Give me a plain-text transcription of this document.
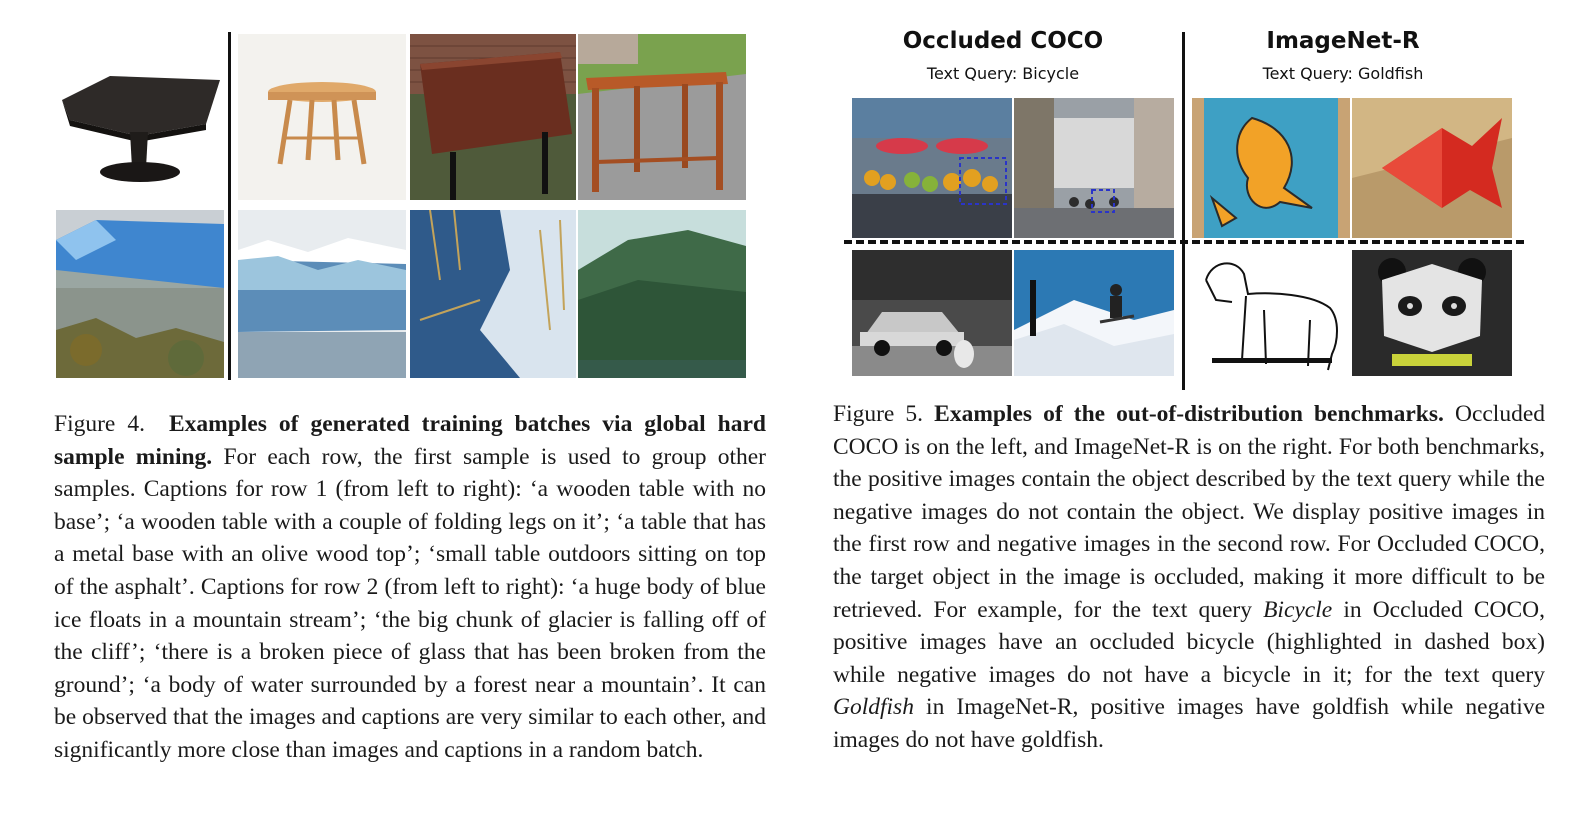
Occluded COCO
Text Query: Bicycle
ImageNet-R
Text Query: Goldfish
Figure 4. Examples of generated training batches via global hard sample mining. For each row, the first sample is used to group other samples. Captions for row 1 (from left to right): ‘a wooden table with no base’; ‘a wooden table with a couple of folding legs on it’; ‘a table that has a metal base with an olive wood top’; ‘small table outdoors sitting on top of the asphalt’. Captions for row 2 (from left to right): ‘a huge body of blue ice floats in a mountain stream’; ‘the big chunk of glacier is falling off of the cliff’; ‘there is a broken piece of glass that has been broken from the ground’; ‘a body of water surrounded by a forest near a mountain’. It can be observed that the images and captions are very similar to each other, and significantly more close than images and captions in a random batch.
Figure 5. Examples of the out-of-distribution benchmarks. Occluded COCO is on the left, and ImageNet-R is on the right. For both benchmarks, the positive images contain the object described by the text query while the negative images do not contain the object. We display positive images in the first row and negative images in the second row. For Occluded COCO, the target object in the image is occluded, making it more difficult to be retrieved. For example, for the text query Bicycle in Occluded COCO, positive images have an occluded bicycle (highlighted in dashed box) while negative images do not have a bicycle in it; for the text query Goldfish in ImageNet-R, positive images have goldfish while negative images do not have goldfish.
